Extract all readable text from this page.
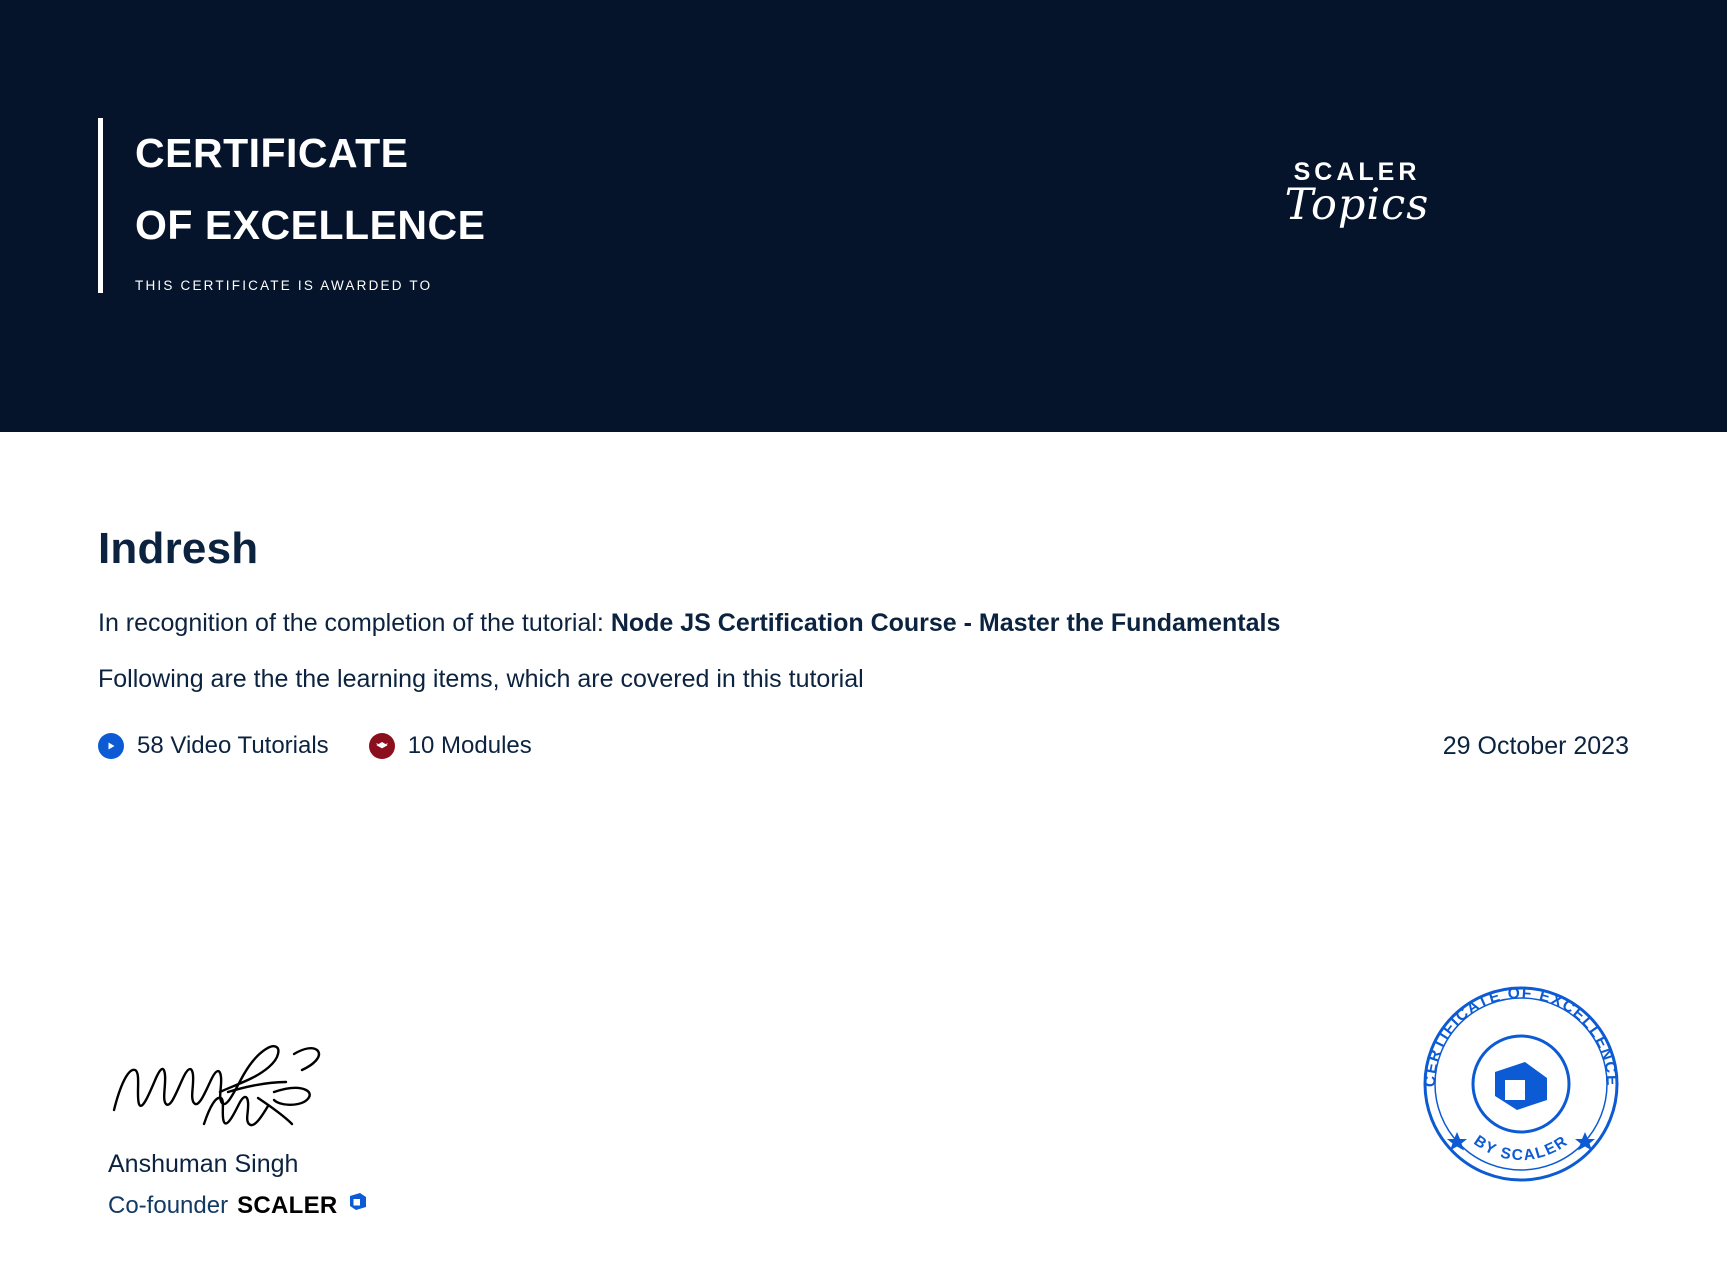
CERTIFICATE
OF EXCELLENCE
THIS CERTIFICATE IS AWARDED TO
SCALER
Topics
Indresh
In recognition of the completion of the tutorial: Node JS Certification Course - Master the Fundamentals
Following are the the learning items, which are covered in this tutorial
58 Video Tutorials	10 Modules	29 October 2023
Anshuman Singh
Co-founder SCALER
CERTIFICATE OF EXCELLENCE
BY SCALER
